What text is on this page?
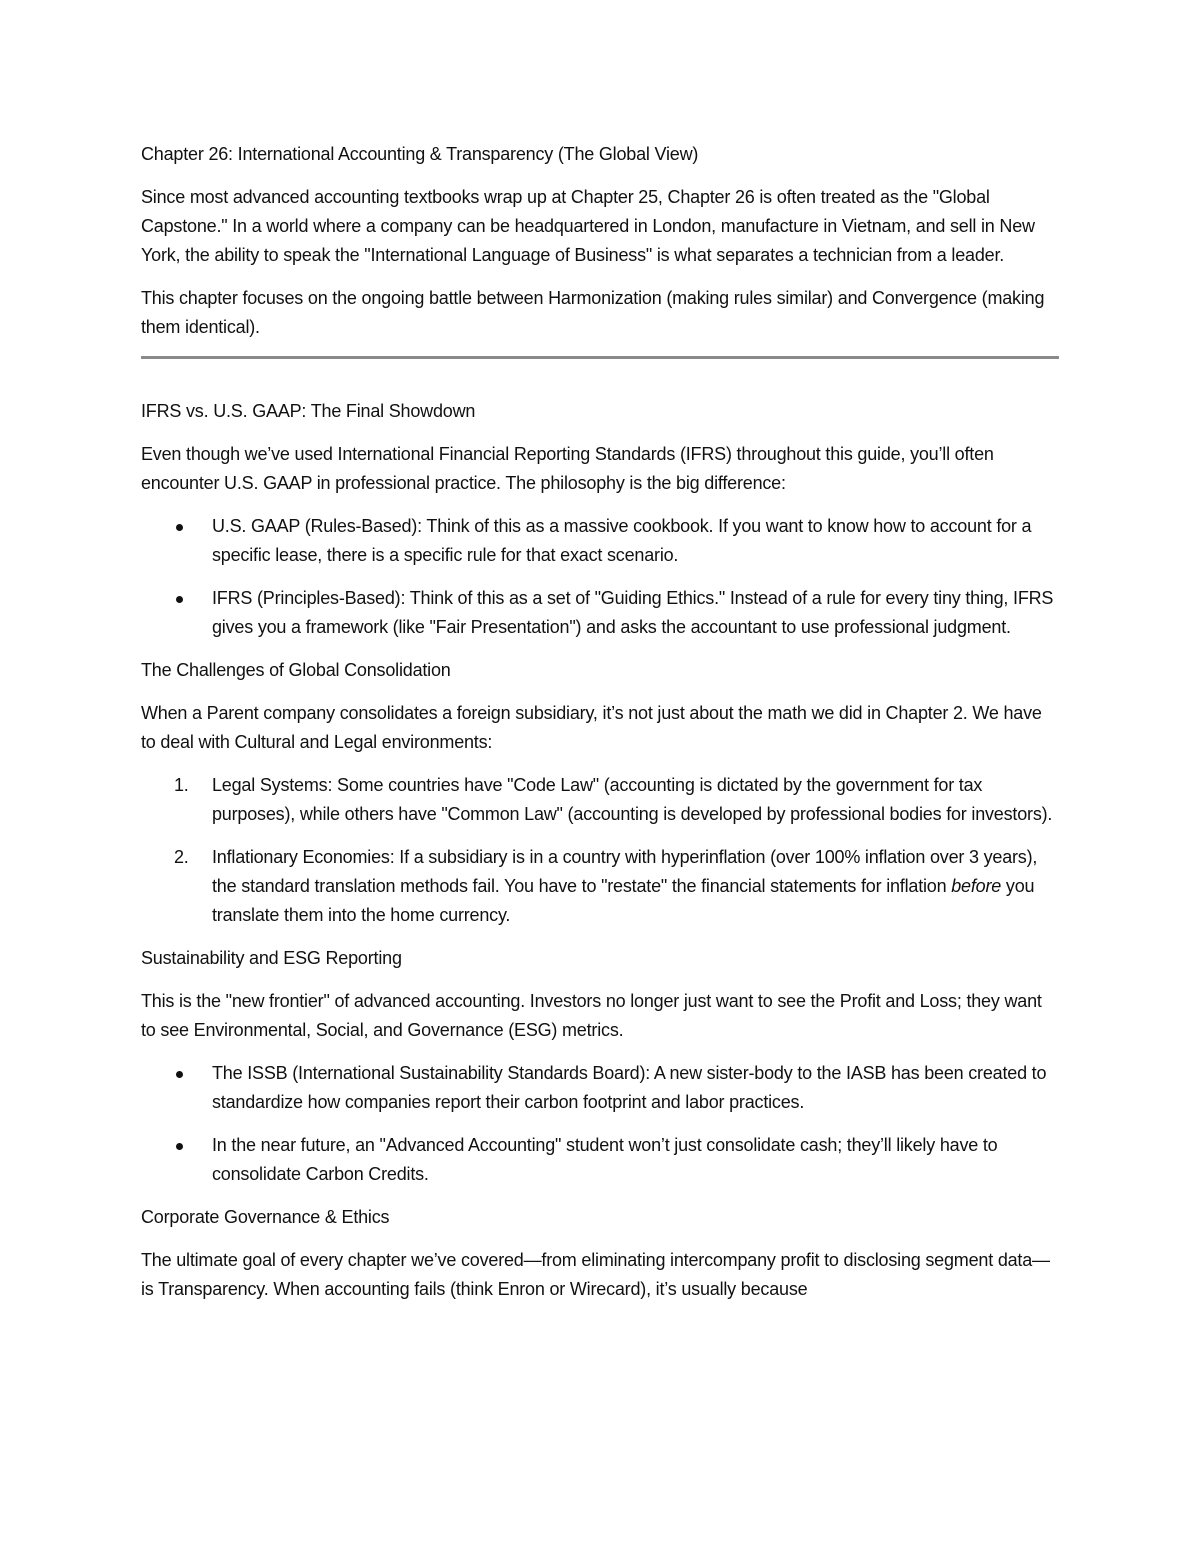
Chapter 26: International Accounting & Transparency (The Global View)

Since most advanced accounting textbooks wrap up at Chapter 25, Chapter 26 is often treated as the "Global Capstone." In a world where a company can be headquartered in London, manufacture in Vietnam, and sell in New York, the ability to speak the "International Language of Business" is what separates a technician from a leader.

This chapter focuses on the ongoing battle between Harmonization (making rules similar) and Convergence (making them identical).

IFRS vs. U.S. GAAP: The Final Showdown

Even though we’ve used International Financial Reporting Standards (IFRS) throughout this guide, you’ll often encounter U.S. GAAP in professional practice. The philosophy is the big difference:

U.S. GAAP (Rules-Based): Think of this as a massive cookbook. If you want to know how to account for a specific lease, there is a specific rule for that exact scenario.
IFRS (Principles-Based): Think of this as a set of "Guiding Ethics." Instead of a rule for every tiny thing, IFRS gives you a framework (like "Fair Presentation") and asks the accountant to use professional judgment.

The Challenges of Global Consolidation

When a Parent company consolidates a foreign subsidiary, it’s not just about the math we did in Chapter 2. We have to deal with Cultural and Legal environments:

1. Legal Systems: Some countries have "Code Law" (accounting is dictated by the government for tax purposes), while others have "Common Law" (accounting is developed by professional bodies for investors).
2. Inflationary Economies: If a subsidiary is in a country with hyperinflation (over 100% inflation over 3 years), the standard translation methods fail. You have to "restate" the financial statements for inflation before you translate them into the home currency.

Sustainability and ESG Reporting

This is the "new frontier" of advanced accounting. Investors no longer just want to see the Profit and Loss; they want to see Environmental, Social, and Governance (ESG) metrics.

The ISSB (International Sustainability Standards Board): A new sister-body to the IASB has been created to standardize how companies report their carbon footprint and labor practices.
In the near future, an "Advanced Accounting" student won’t just consolidate cash; they’ll likely have to consolidate Carbon Credits.

Corporate Governance & Ethics

The ultimate goal of every chapter we’ve covered—from eliminating intercompany profit to disclosing segment data—is Transparency. When accounting fails (think Enron or Wirecard), it’s usually because
